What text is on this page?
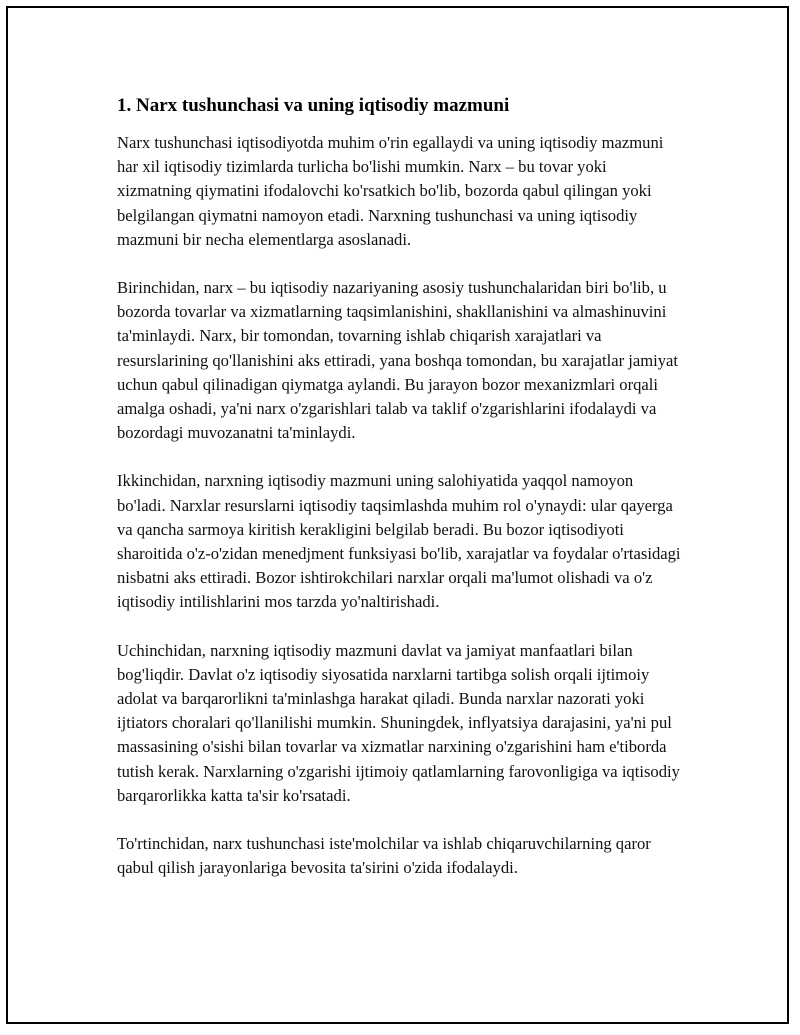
1. Narx tushunchasi va uning iqtisodiy mazmuni

Narx tushunchasi iqtisodiyotda muhim o'rin egallaydi va uning iqtisodiy mazmuni har xil iqtisodiy tizimlarda turlicha bo'lishi mumkin. Narx – bu tovar yoki xizmatning qiymatini ifodalovchi ko'rsatkich bo'lib, bozorda qabul qilingan yoki belgilangan qiymatni namoyon etadi. Narxning tushunchasi va uning iqtisodiy mazmuni bir necha elementlarga asoslanadi.

Birinchidan, narx – bu iqtisodiy nazariyaning asosiy tushunchalaridan biri bo'lib, u bozorda tovarlar va xizmatlarning taqsimlanishini, shakllanishini va almashinuvini ta'minlaydi. Narx, bir tomondan, tovarning ishlab chiqarish xarajatlari va resurslarining qo'llanishini aks ettiradi, yana boshqa tomondan, bu xarajatlar jamiyat uchun qabul qilinadigan qiymatga aylandi. Bu jarayon bozor mexanizmlari orqali amalga oshadi, ya'ni narx o'zgarishlari talab va taklif o'zgarishlarini ifodalaydi va bozordagi muvozanatni ta'minlaydi.

Ikkinchidan, narxning iqtisodiy mazmuni uning salohiyatida yaqqol namoyon bo'ladi. Narxlar resurslarni iqtisodiy taqsimlashda muhim rol o'ynaydi: ular qayerga va qancha sarmoya kiritish kerakligini belgilab beradi. Bu bozor iqtisodiyoti sharoitida o'z-o'zidan menedjment funksiyasi bo'lib, xarajatlar va foydalar o'rtasidagi nisbatni aks ettiradi. Bozor ishtirokchilari narxlar orqali ma'lumot olishadi va o'z iqtisodiy intilishlarini mos tarzda yo'naltirishadi.

Uchinchidan, narxning iqtisodiy mazmuni davlat va jamiyat manfaatlari bilan bog'liqdir. Davlat o'z iqtisodiy siyosatida narxlarni tartibga solish orqali ijtimoiy adolat va barqarorlikni ta'minlashga harakat qiladi. Bunda narxlar nazorati yoki ijtiators choralari qo'llanilishi mumkin. Shuningdek, inflyatsiya darajasini, ya'ni pul massasining o'sishi bilan tovarlar va xizmatlar narxining o'zgarishini ham e'tiborda tutish kerak. Narxlarning o'zgarishi ijtimoiy qatlamlarning farovonligiga va iqtisodiy barqarorlikka katta ta'sir ko'rsatadi.

To'rtinchidan, narx tushunchasi iste'molchilar va ishlab chiqaruvchilarning qaror qabul qilish jarayonlariga bevosita ta'sirini o'zida ifodalaydi.
